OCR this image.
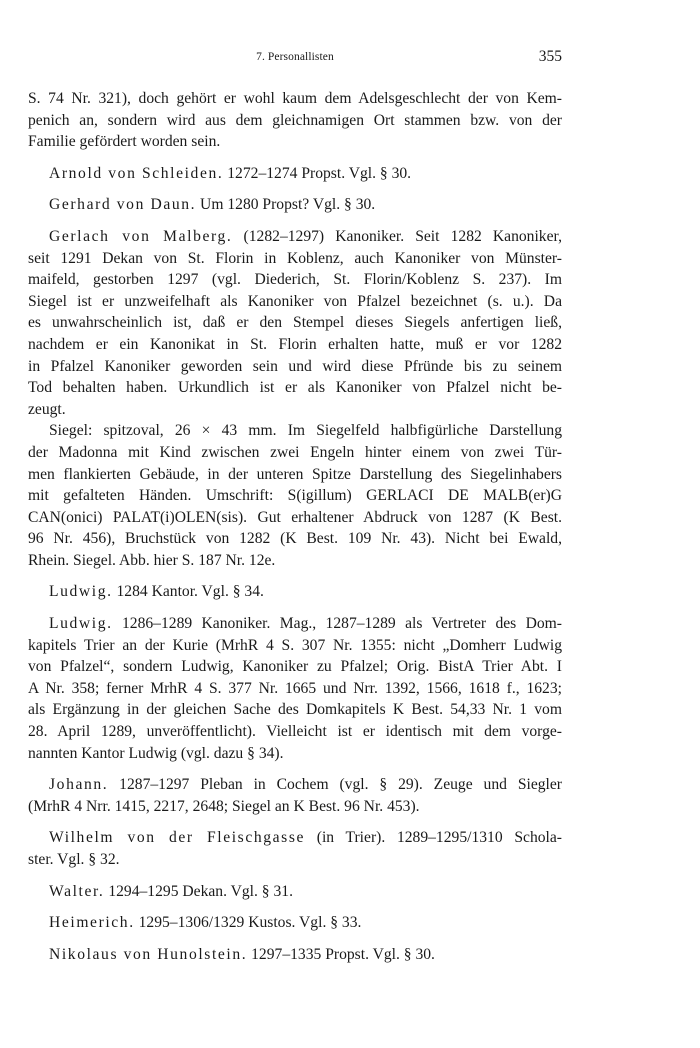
7. Personallisten	355
S. 74 Nr. 321), doch gehört er wohl kaum dem Adelsgeschlecht der von Kem-
penich an, sondern wird aus dem gleichnamigen Ort stammen bzw. von der
Familie gefördert worden sein.
Arnold von Schleiden. 1272–1274 Propst. Vgl. § 30.
Gerhard von Daun. Um 1280 Propst? Vgl. § 30.
Gerlach von Malberg. (1282–1297) Kanoniker. Seit 1282 Kanoniker,
seit 1291 Dekan von St. Florin in Koblenz, auch Kanoniker von Münster-
maifeld, gestorben 1297 (vgl. Diederich, St. Florin/Koblenz S. 237). Im
Siegel ist er unzweifelhaft als Kanoniker von Pfalzel bezeichnet (s. u.). Da
es unwahrscheinlich ist, daß er den Stempel dieses Siegels anfertigen ließ,
nachdem er ein Kanonikat in St. Florin erhalten hatte, muß er vor 1282
in Pfalzel Kanoniker geworden sein und wird diese Pfründe bis zu seinem
Tod behalten haben. Urkundlich ist er als Kanoniker von Pfalzel nicht be-
zeugt.
Siegel: spitzoval, 26 × 43 mm. Im Siegelfeld halbfigürliche Darstellung
der Madonna mit Kind zwischen zwei Engeln hinter einem von zwei Tür-
men flankierten Gebäude, in der unteren Spitze Darstellung des Siegelinhabers
mit gefalteten Händen. Umschrift: S(igillum) GERLACI DE MALB(er)G
CAN(onici) PALAT(i)OLEN(sis). Gut erhaltener Abdruck von 1287 (K Best.
96 Nr. 456), Bruchstück von 1282 (K Best. 109 Nr. 43). Nicht bei Ewald,
Rhein. Siegel. Abb. hier S. 187 Nr. 12e.
Ludwig. 1284 Kantor. Vgl. § 34.
Ludwig. 1286–1289 Kanoniker. Mag., 1287–1289 als Vertreter des Dom-
kapitels Trier an der Kurie (MrhR 4 S. 307 Nr. 1355: nicht „Domherr Ludwig
von Pfalzel“, sondern Ludwig, Kanoniker zu Pfalzel; Orig. BistA Trier Abt. I
A Nr. 358; ferner MrhR 4 S. 377 Nr. 1665 und Nrr. 1392, 1566, 1618 f., 1623;
als Ergänzung in der gleichen Sache des Domkapitels K Best. 54,33 Nr. 1 vom
28. April 1289, unveröffentlicht). Vielleicht ist er identisch mit dem vorge-
nannten Kantor Ludwig (vgl. dazu § 34).
Johann. 1287–1297 Pleban in Cochem (vgl. § 29). Zeuge und Siegler
(MrhR 4 Nrr. 1415, 2217, 2648; Siegel an K Best. 96 Nr. 453).
Wilhelm von der Fleischgasse (in Trier). 1289–1295/1310 Schola-
ster. Vgl. § 32.
Walter. 1294–1295 Dekan. Vgl. § 31.
Heimerich. 1295–1306/1329 Kustos. Vgl. § 33.
Nikolaus von Hunolstein. 1297–1335 Propst. Vgl. § 30.
